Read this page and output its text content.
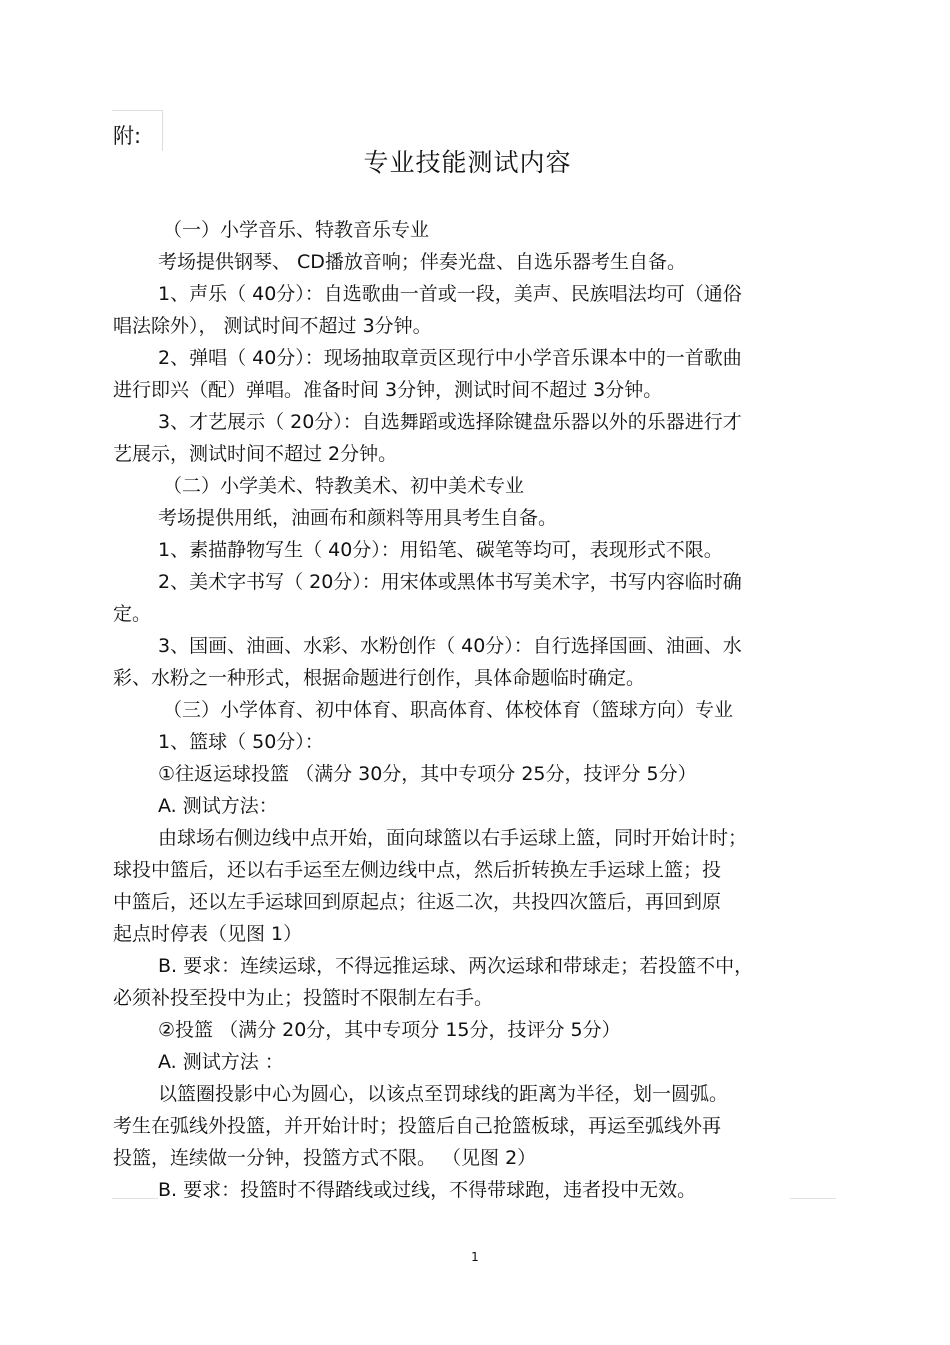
附:
专业技能测试内容
（一）小学音乐、特教音乐专业
考场提供钢琴、 CD播放音响；伴奏光盘、自选乐器考生自备。
1、声乐（ 40分）：自选歌曲一首或一段，美声、民族唱法均可（通俗
唱法除外）， 测试时间不超过 3分钟。
2、弹唱（ 40分）：现场抽取章贡区现行中小学音乐课本中的一首歌曲
进行即兴（配）弹唱。准备时间 3分钟，测试时间不超过 3分钟。
3、才艺展示（ 20分）：自选舞蹈或选择除键盘乐器以外的乐器进行才
艺展示，测试时间不超过 2分钟。
（二）小学美术、特教美术、初中美术专业
考场提供用纸，油画布和颜料等用具考生自备。
1、素描静物写生（ 40分）：用铅笔、碳笔等均可，表现形式不限。
2、美术字书写（ 20分）：用宋体或黑体书写美术字，书写内容临时确
定。
3、国画、油画、水彩、水粉创作（ 40分）：自行选择国画、油画、水
彩、水粉之一种形式，根据命题进行创作，具体命题临时确定。
（三）小学体育、初中体育、职高体育、体校体育（篮球方向）专业
1、篮球（ 50分）：
①往返运球投篮 （满分 30分，其中专项分 25分，技评分 5分）
A. 测试方法：
由球场右侧边线中点开始，面向球篮以右手运球上篮，同时开始计时；
球投中篮后，还以右手运至左侧边线中点，然后折转换左手运球上篮；投
中篮后，还以左手运球回到原起点；往返二次，共投四次篮后，再回到原
起点时停表（见图 1）
B. 要求：连续运球，不得远推运球、两次运球和带球走；若投篮不中，
必须补投至投中为止；投篮时不限制左右手。
②投篮 （满分 20分，其中专项分 15分，技评分 5分）
A. 测试方法 ：
以篮圈投影中心为圆心，以该点至罚球线的距离为半径，划一圆弧。
考生在弧线外投篮，并开始计时；投篮后自己抢篮板球，再运至弧线外再
投篮，连续做一分钟，投篮方式不限。 （见图 2）
B. 要求：投篮时不得踏线或过线，不得带球跑，违者投中无效。
1
